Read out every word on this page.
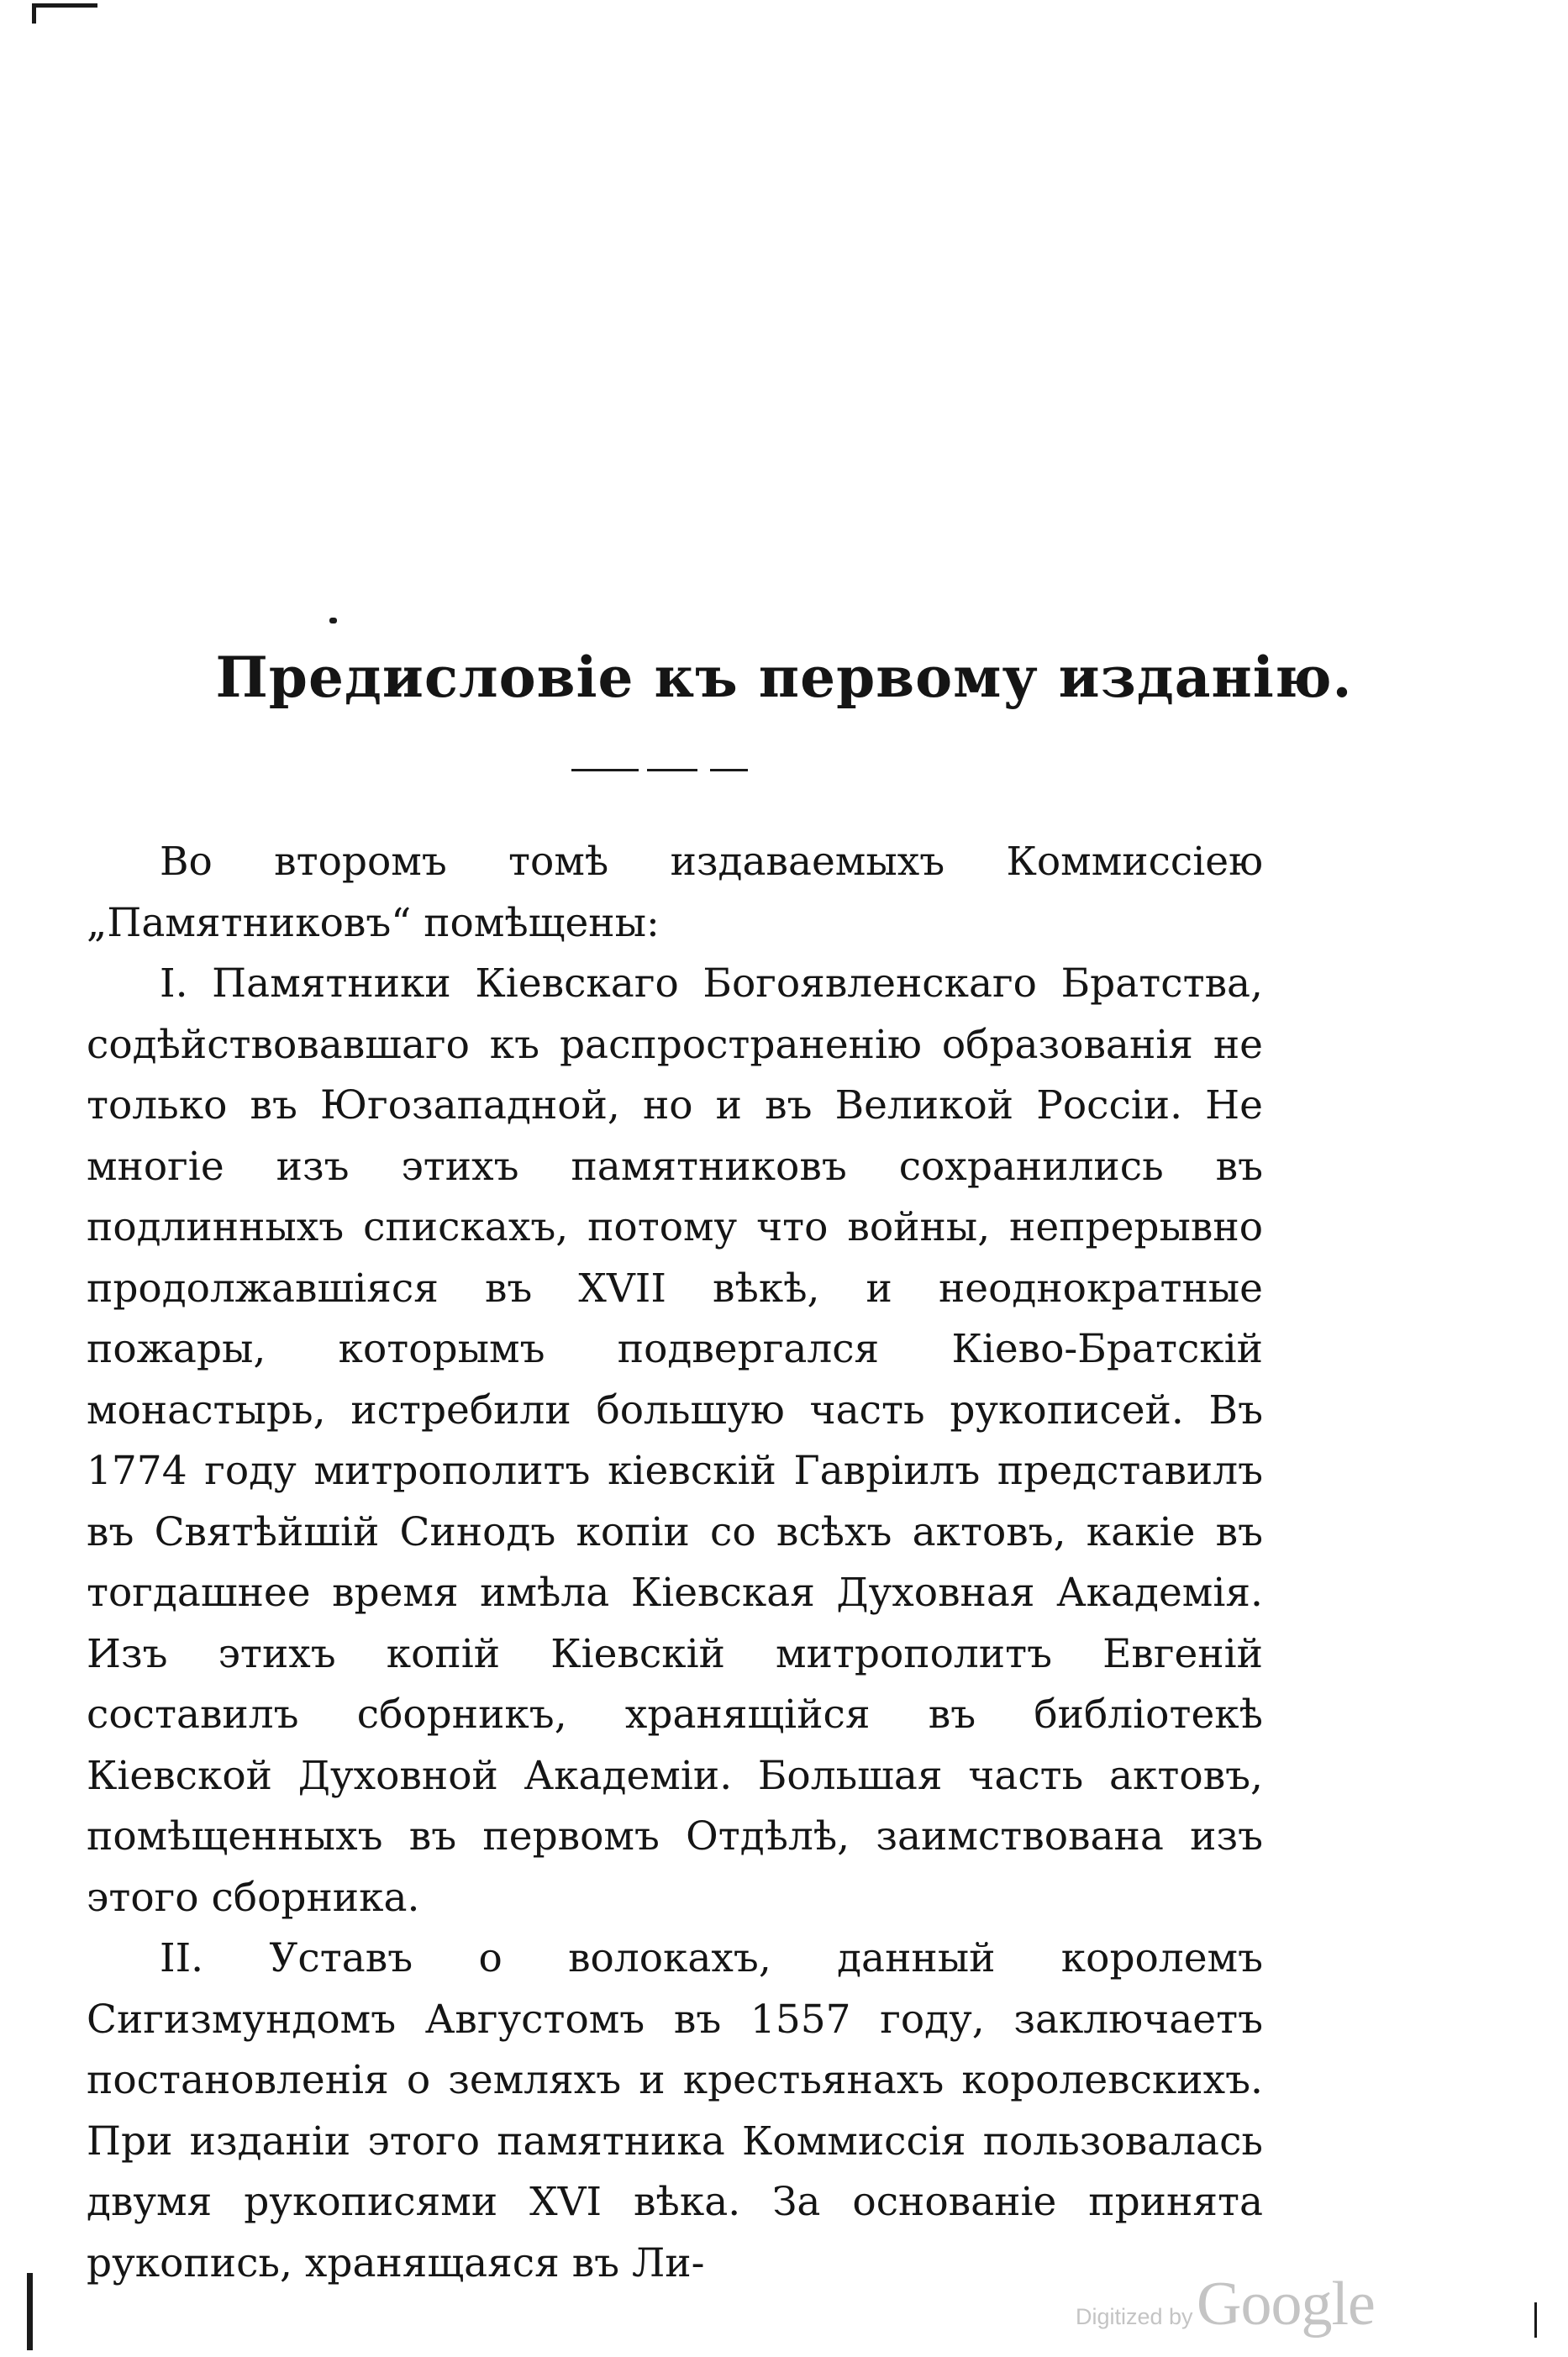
Предисловіе къ первому изданію.

Во второмъ томѣ издаваемыхъ Коммиссіею „Памятниковъ“ помѣщены:

I. Памятники Кіевскаго Богоявленскаго Братства, содѣйствовавшаго къ распространенію образованія не только въ Югозападной, но и въ Великой Россіи. Не многіе изъ этихъ памятниковъ сохранились въ подлинныхъ спискахъ, потому что войны, непрерывно продолжавшіяся въ XVII вѣкѣ, и неоднократные пожары, которымъ подвергался Кіево-Братскій монастырь, истребили большую часть рукописей. Въ 1774 году митрополитъ кіевскій Гавріилъ представилъ въ Святѣйшій Синодъ копіи со всѣхъ актовъ, какіе въ тогдашнее время имѣла Кіевская Духовная Академія. Изъ этихъ копій Кіевскій митрополитъ Евгеній составилъ сборникъ, хранящійся въ библіотекѣ Кіевской Духовной Академіи. Большая часть актовъ, помѣщенныхъ въ первомъ Отдѣлѣ, заимствована изъ этого сборника.

II. Уставъ о волокахъ, данный королемъ Сигизмундомъ Августомъ въ 1557 году, заключаетъ постановленія о земляхъ и крестьянахъ королевскихъ. При изданіи этого памятника Коммиссія пользовалась двумя рукописями XVI вѣка. За основаніе принята рукопись, хранящаяся въ Ли-

Digitized by Google
